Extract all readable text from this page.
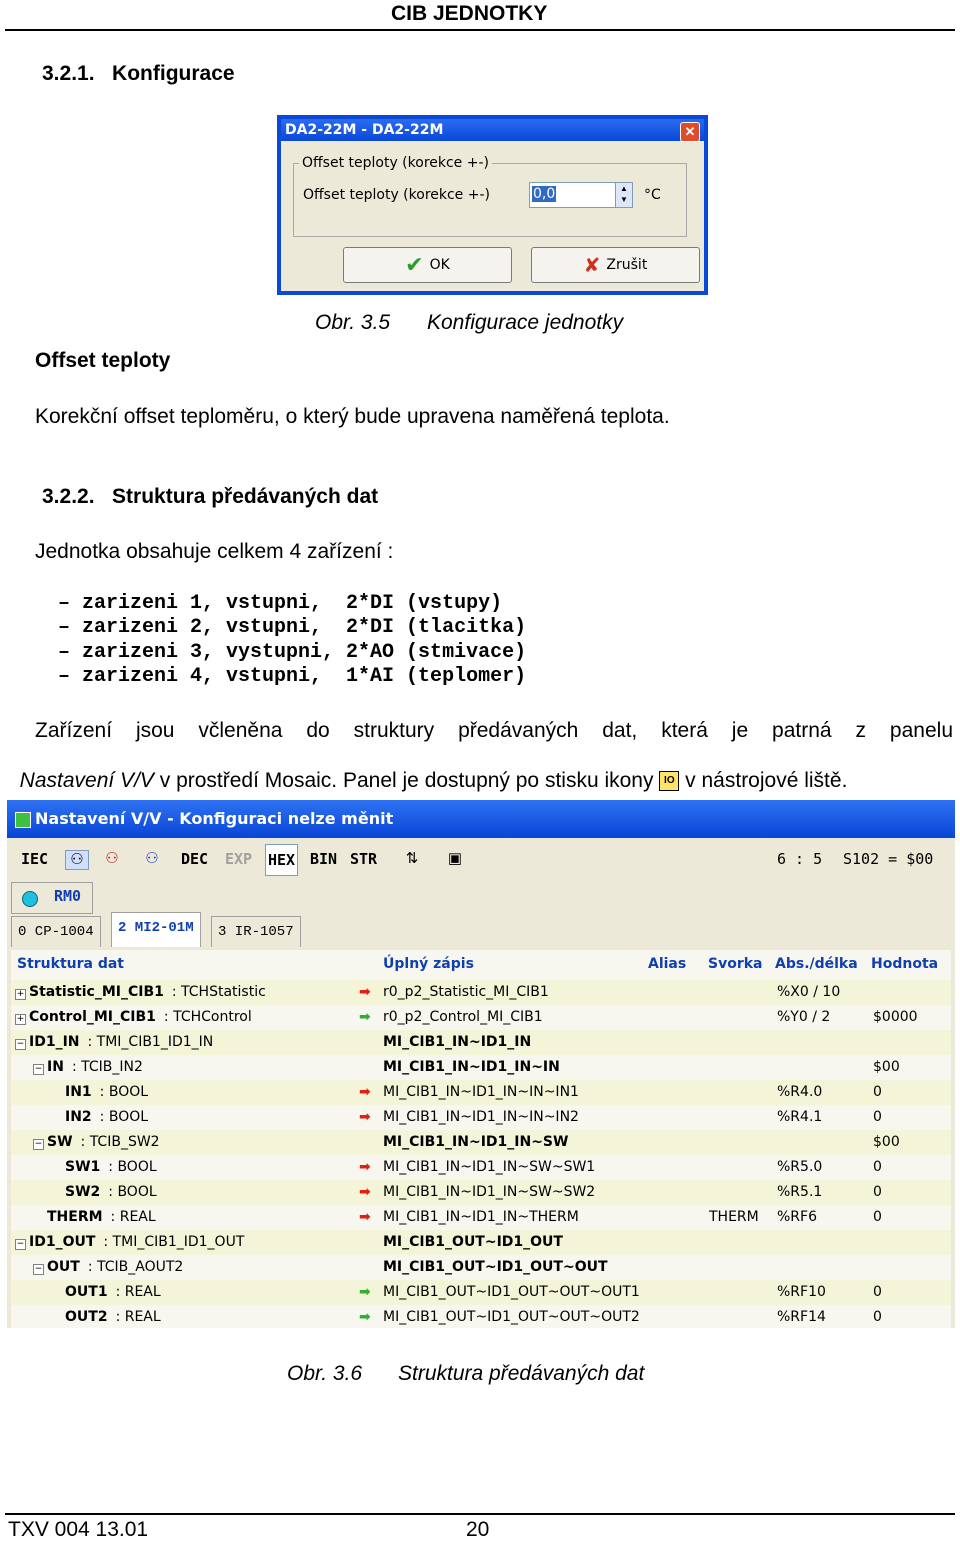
CIB JEDNOTKY
3.2.1.   Konfigurace
DA2-22M - DA2-22M	✕
Offset teploty (korekce +-)
Offset teploty (korekce +-)	0,0	▲
▼ °C
✔ OK	✘ Zrušit
Obr. 3.5 Konfigurace jednotky
Offset teploty
Korekční offset teploměru, o který bude upravena naměřená teplota.
3.2.2.   Struktura předávaných dat
Jednotka obsahuje celkem 4 zařízení :
– zarizeni 1, vstupni,  2*DI (vstupy)
– zarizeni 2, vstupni,  2*DI (tlacitka)
– zarizeni 3, vystupni, 2*AO (stmivace)
– zarizeni 4, vstupni,  1*AI (teplomer)
Zařízení jsou včleněna do struktury předávaných dat, která je patrná z panelu

Nastavení V/V v prostředí Mosaic. Panel je dostupný po stisku ikony IO v nástrojové liště.

Nastavení V/V - Konfiguraci nelze měnit
IEC	⚇	⚇ ⚇ DEC EXP HEX BIN STR	⇅	▣	6 : 5 S102 = $00
RM0
0 CP-1004	2 MI2-01M	3 IR-1057
Struktura dat	Úplný zápis	Alias Svorka Abs./délka Hodnota
+ Statistic_MI_CIB1 : TCHStatistic	➡ r0_p2_Statistic_MI_CIB1	%X0 / 10
+ Control_MI_CIB1 : TCHControl	➡ r0_p2_Control_MI_CIB1	%Y0 / 2	$0000
− ID1_IN : TMI_CIB1_ID1_IN	MI_CIB1_IN~ID1_IN
− IN : TCIB_IN2	MI_CIB1_IN~ID1_IN~IN	$00
IN1 : BOOL	➡ MI_CIB1_IN~ID1_IN~IN~IN1	%R4.0	0
IN2 : BOOL	➡ MI_CIB1_IN~ID1_IN~IN~IN2	%R4.1	0
− SW : TCIB_SW2	MI_CIB1_IN~ID1_IN~SW	$00
SW1 : BOOL	➡ MI_CIB1_IN~ID1_IN~SW~SW1	%R5.0	0
SW2 : BOOL	➡ MI_CIB1_IN~ID1_IN~SW~SW2	%R5.1	0
THERM : REAL	➡ MI_CIB1_IN~ID1_IN~THERM	THERM	%RF6	0
− ID1_OUT : TMI_CIB1_ID1_OUT	MI_CIB1_OUT~ID1_OUT
− OUT : TCIB_AOUT2	MI_CIB1_OUT~ID1_OUT~OUT
OUT1 : REAL	➡ MI_CIB1_OUT~ID1_OUT~OUT~OUT1	%RF10	0
OUT2 : REAL	➡ MI_CIB1_OUT~ID1_OUT~OUT~OUT2	%RF14	0
Obr. 3.6 Struktura předávaných dat
TXV 004 13.01	20
